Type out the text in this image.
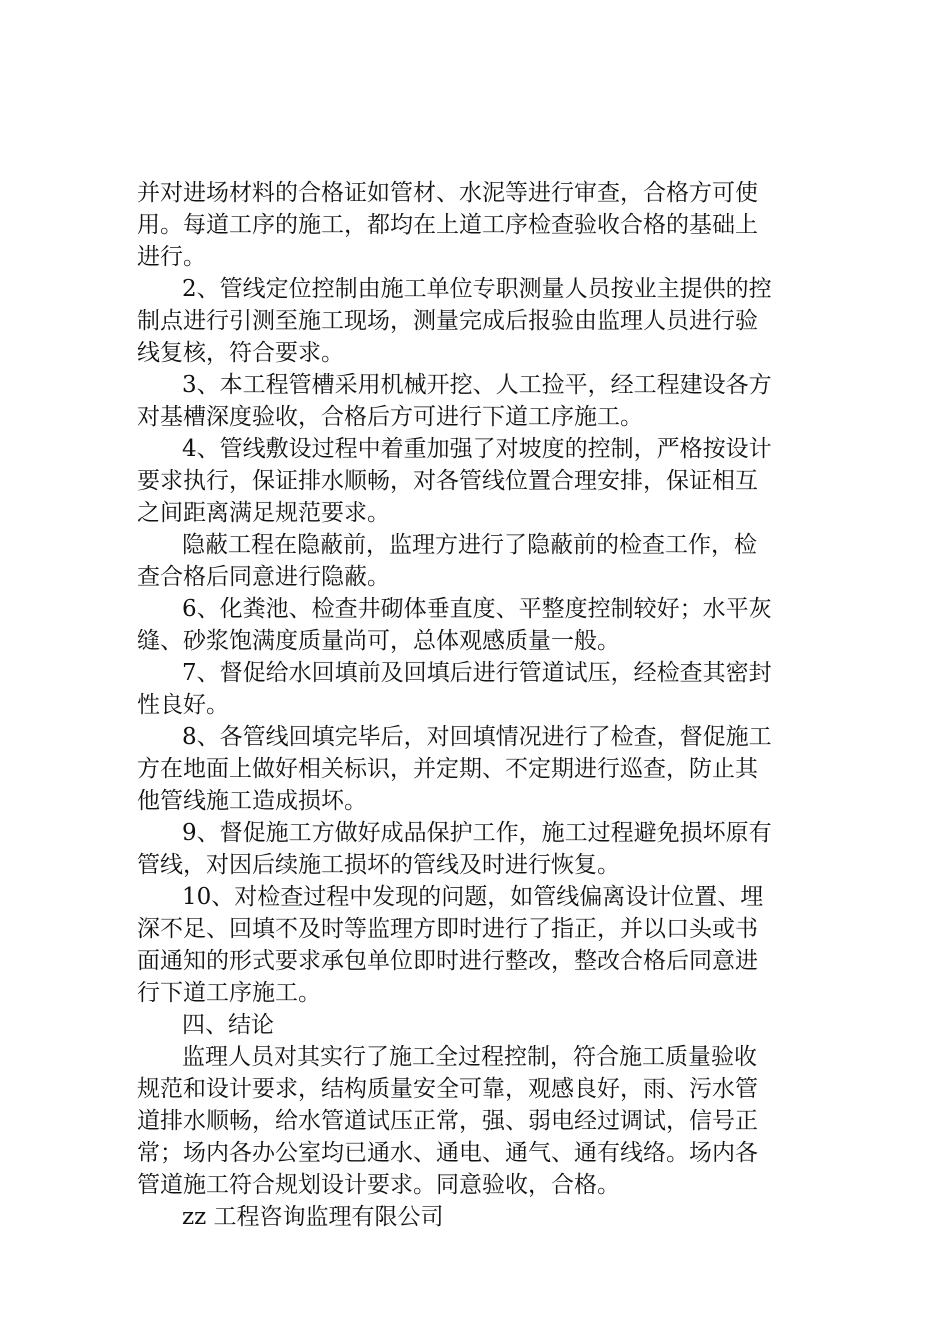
并对进场材料的合格证如管材、水泥等进行审查，合格方可使
用。每道工序的施工，都均在上道工序检查验收合格的基础上
进行。
2、管线定位控制由施工单位专职测量人员按业主提供的控
制点进行引测至施工现场，测量完成后报验由监理人员进行验
线复核，符合要求。
3、本工程管槽采用机械开挖、人工捡平，经工程建设各方
对基槽深度验收，合格后方可进行下道工序施工。
4、管线敷设过程中着重加强了对坡度的控制，严格按设计
要求执行，保证排水顺畅，对各管线位置合理安排，保证相互
之间距离满足规范要求。
隐蔽工程在隐蔽前，监理方进行了隐蔽前的检查工作，检
查合格后同意进行隐蔽。
6、化粪池、检查井砌体垂直度、平整度控制较好；水平灰
缝、砂浆饱满度质量尚可，总体观感质量一般。
7、督促给水回填前及回填后进行管道试压，经检查其密封
性良好。
8、各管线回填完毕后，对回填情况进行了检查，督促施工
方在地面上做好相关标识，并定期、不定期进行巡查，防止其
他管线施工造成损坏。
9、督促施工方做好成品保护工作，施工过程避免损坏原有
管线，对因后续施工损坏的管线及时进行恢复。
10、对检查过程中发现的问题，如管线偏离设计位置、埋
深不足、回填不及时等监理方即时进行了指正，并以口头或书
面通知的形式要求承包单位即时进行整改，整改合格后同意进
行下道工序施工。
四、结论
监理人员对其实行了施工全过程控制，符合施工质量验收
规范和设计要求，结构质量安全可靠，观感良好，雨、污水管
道排水顺畅，给水管道试压正常，强、弱电经过调试，信号正
常；场内各办公室均已通水、通电、通气、通有线络。场内各
管道施工符合规划设计要求。同意验收，合格。
zz 工程咨询监理有限公司
